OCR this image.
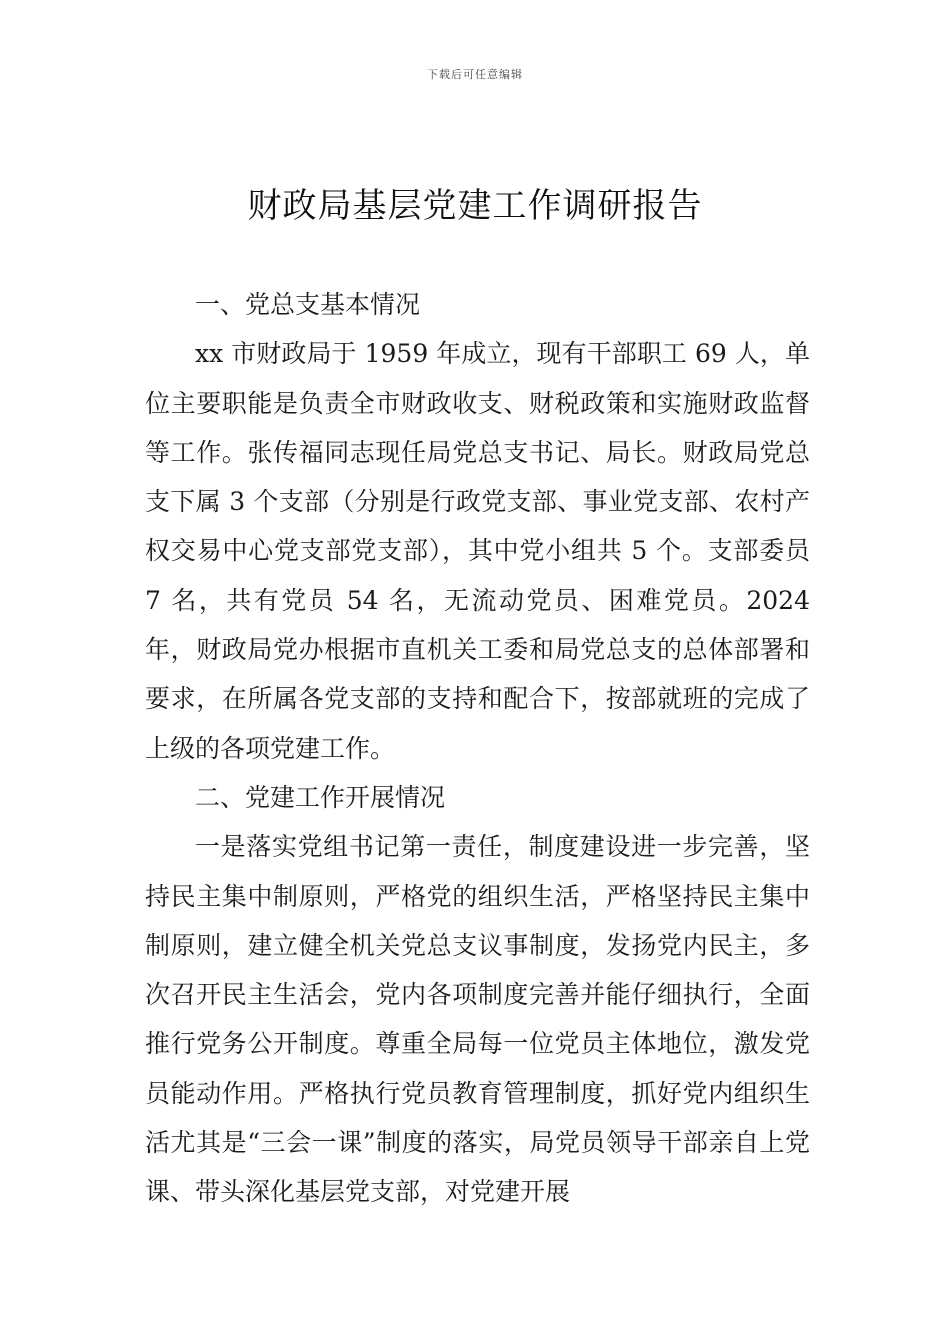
下载后可任意编辑
财政局基层党建工作调研报告

一、党总支基本情况

xx 市财政局于 1959 年成立，现有干部职工 69 人，单位主要职能是负责全市财政收支、财税政策和实施财政监督等工作。张传福同志现任局党总支书记、局长。财政局党总支下属 3 个支部（分别是行政党支部、事业党支部、农村产权交易中心党支部党支部），其中党小组共 5 个。支部委员 7 名，共有党员 54 名，无流动党员、困难党员。2024 年，财政局党办根据市直机关工委和局党总支的总体部署和要求，在所属各党支部的支持和配合下，按部就班的完成了上级的各项党建工作。

二、党建工作开展情况

一是落实党组书记第一责任，制度建设进一步完善，坚持民主集中制原则，严格党的组织生活，严格坚持民主集中制原则，建立健全机关党总支议事制度，发扬党内民主，多次召开民主生活会，党内各项制度完善并能仔细执行，全面推行党务公开制度。尊重全局每一位党员主体地位，激发党员能动作用。严格执行党员教育管理制度，抓好党内组织生活尤其是“三会一课”制度的落实，局党员领导干部亲自上党课、带头深化基层党支部，对党建开展
